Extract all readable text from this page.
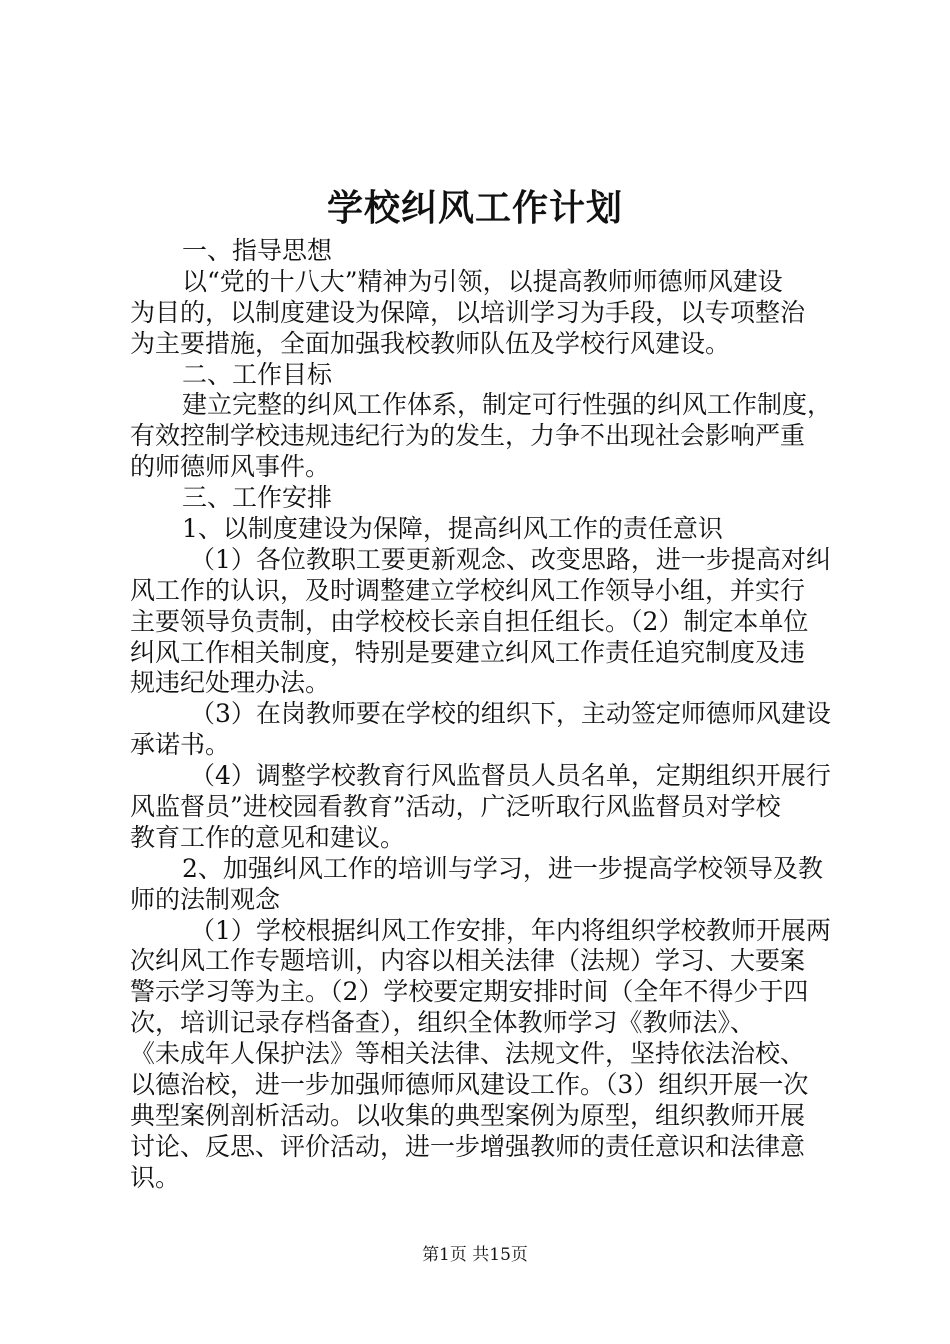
学校纠风工作计划
一、指导思想
以“党的十八大”精神为引领，以提高教师师德师风建设
为目的，以制度建设为保障，以培训学习为手段，以专项整治
为主要措施，全面加强我校教师队伍及学校行风建设。
二、工作目标
建立完整的纠风工作体系，制定可行性强的纠风工作制度，
有效控制学校违规违纪行为的发生，力争不出现社会影响严重
的师德师风事件。
三、工作安排
1、以制度建设为保障，提高纠风工作的责任意识
（1）各位教职工要更新观念、改变思路，进一步提高对纠
风工作的认识，及时调整建立学校纠风工作领导小组，并实行
主要领导负责制，由学校校长亲自担任组长。（2）制定本单位
纠风工作相关制度，特别是要建立纠风工作责任追究制度及违
规违纪处理办法。
（3）在岗教师要在学校的组织下，主动签定师德师风建设
承诺书。
（4）调整学校教育行风监督员人员名单，定期组织开展行
风监督员”进校园看教育”活动，广泛听取行风监督员对学校
教育工作的意见和建议。
2、加强纠风工作的培训与学习，进一步提高学校领导及教
师的法制观念
（1）学校根据纠风工作安排，年内将组织学校教师开展两
次纠风工作专题培训，内容以相关法律（法规）学习、大要案
警示学习等为主。（2）学校要定期安排时间（全年不得少于四
次，培训记录存档备查），组织全体教师学习《教师法》、
《未成年人保护法》等相关法律、法规文件，坚持依法治校、
以德治校，进一步加强师德师风建设工作。（3）组织开展一次
典型案例剖析活动。以收集的典型案例为原型，组织教师开展
讨论、反思、评价活动，进一步增强教师的责任意识和法律意
识。
第1页 共15页
